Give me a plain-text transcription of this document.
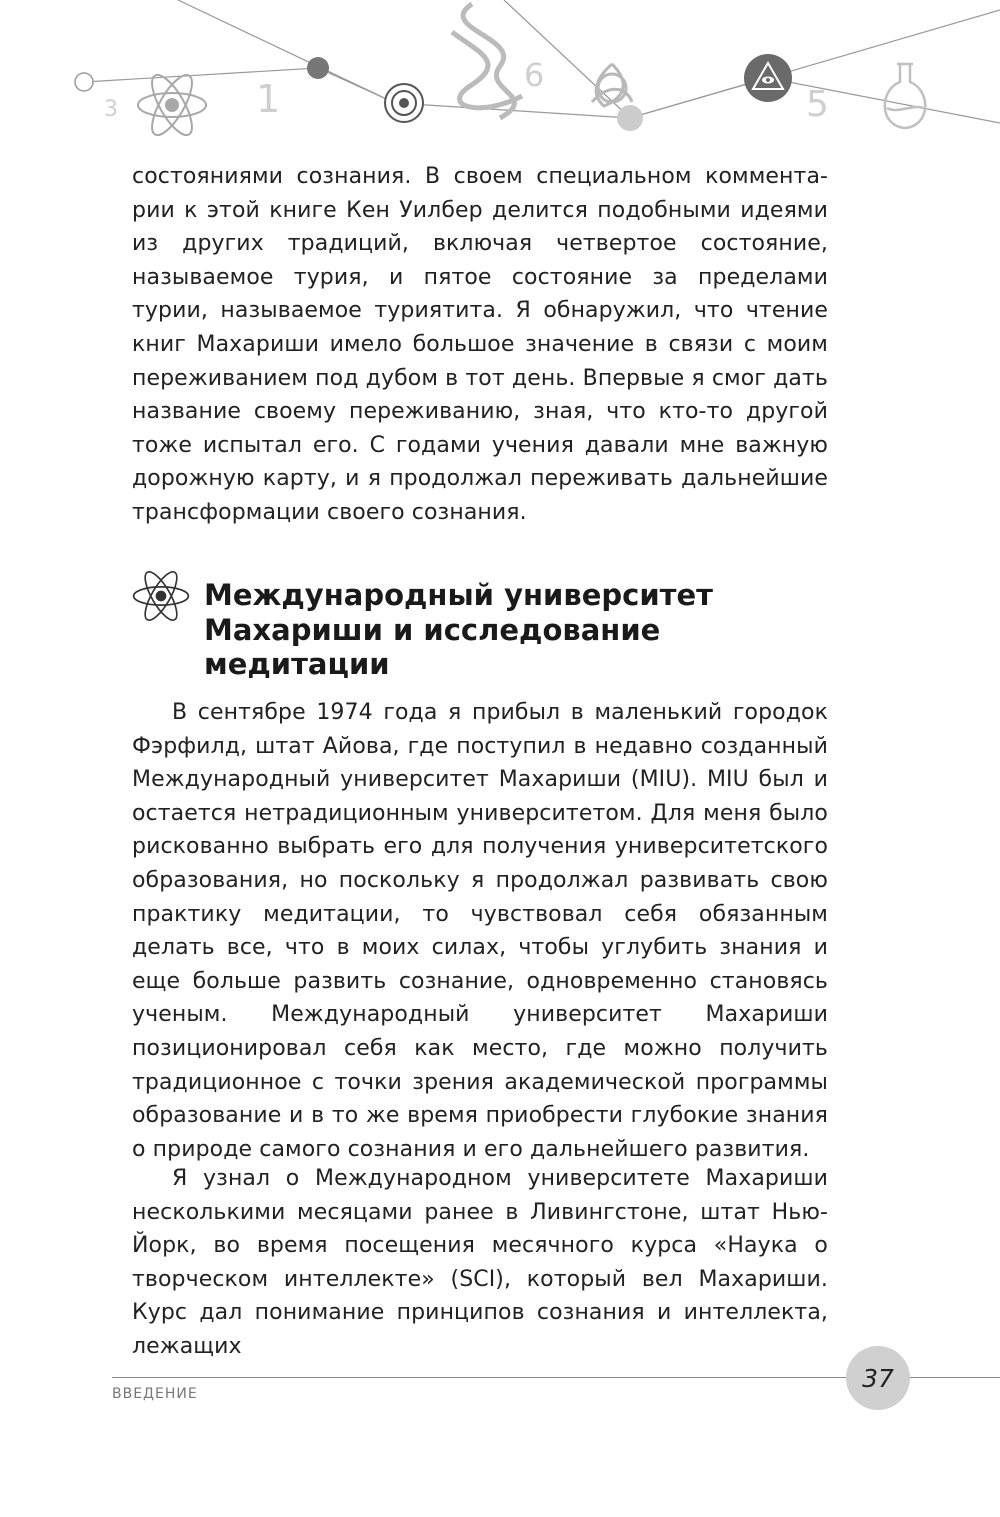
3	1
6
5

состояниями сознания. В своем специальном комментарии к этой книге Кен Уилбер делится подобными идеями из других традиций, включая четвертое состояние, называемое турия, и пятое состояние за пределами турии, называемое туриятита. Я обнаружил, что чтение книг Махариши имело большое значение в связи с моим переживанием под дубом в тот день. Впервые я смог дать название своему переживанию, зная, что кто-то другой тоже испытал его. С годами учения давали мне важную дорожную карту, и я продолжал переживать дальнейшие трансформации своего сознания.

Международный университет Махариши и исследование медитации

В сентябре 1974 года я прибыл в маленький городок Фэрфилд, штат Айова, где поступил в недавно созданный Международный университет Махариши (MIU). MIU был и остается нетрадиционным университетом. Для меня было рискованно выбрать его для получения университетского образования, но поскольку я продолжал развивать свою практику медитации, то чувствовал себя обязанным делать все, что в моих силах, чтобы углубить знания и еще больше развить сознание, одновременно становясь ученым. Международный университет Махариши позиционировал себя как место, где можно получить традиционное с точки зрения академической программы образование и в то же время приобрести глубокие знания о природе самого сознания и его дальнейшего развития.

Я узнал о Международном университете Махариши несколькими месяцами ранее в Ливингстоне, штат Нью-Йорк, во время посещения месячного курса «Наука о творческом интеллекте» (SCI), который вел Махариши. Курс дал понимание принципов сознания и интеллекта, лежащих

ВВЕДЕНИЕ
37
